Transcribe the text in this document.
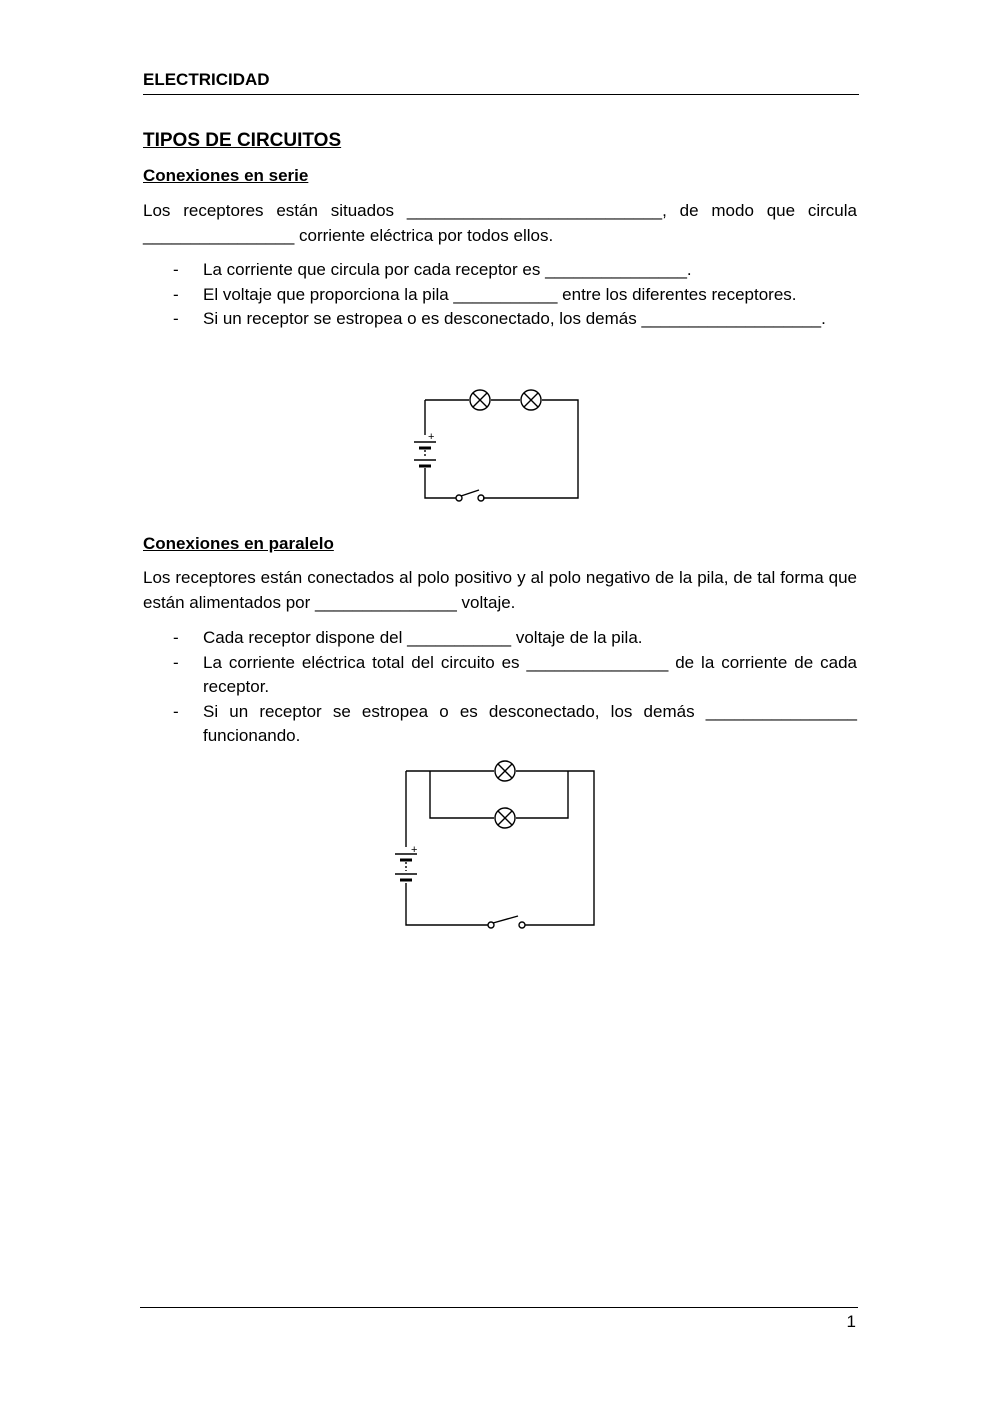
ELECTRICIDAD
TIPOS DE CIRCUITOS
Conexiones en serie
Los receptores están situados ___________________________, de modo que circula ________________ corriente eléctrica por todos ellos.
- La corriente que circula por cada receptor es _______________.
- El voltaje que proporciona la pila ___________ entre los diferentes receptores.
- Si un receptor se estropea o es desconectado, los demás ___________________.
+
Conexiones en paralelo
Los receptores están conectados al polo positivo y al polo negativo de la pila, de tal forma que están alimentados por _______________ voltaje.
- Cada receptor dispone del ___________ voltaje de la pila.
- La corriente eléctrica total del circuito es _______________ de la corriente de cada receptor.
- Si un receptor se estropea o es desconectado, los demás ________________ funcionando.
+
1
